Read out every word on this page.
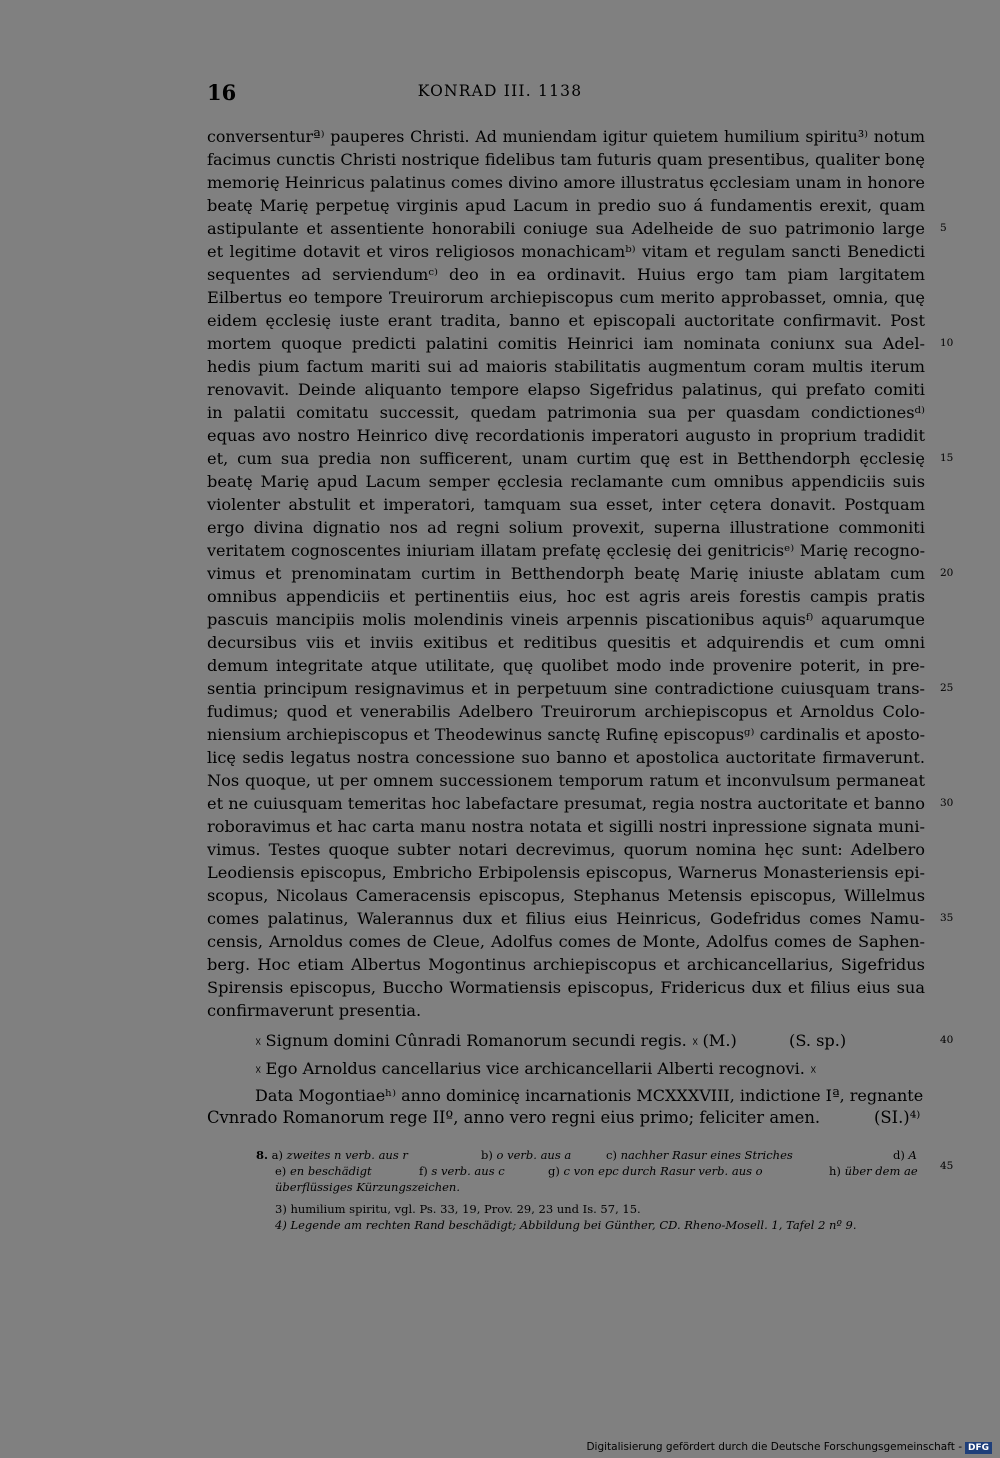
16	KONRAD III. 1138
conversenturª⁾ pauperes Christi. Ad muniendam igitur quietem humilium spiritu³⁾ notum
facimus cunctis Christi nostrique fidelibus tam futuris quam presentibus, qualiter bonę
memorię Heinricus palatinus comes divino amore illustratus ęcclesiam unam in honore
beatę Marię perpetuę virginis apud Lacum in predio suo á fundamentis erexit, quam
astipulante et assentiente honorabili coniuge sua Adelheide de suo patrimonio large
et legitime dotavit et viros religiosos monachicamᵇ⁾ vitam et regulam sancti Benedicti
sequentes ad serviendumᶜ⁾ deo in ea ordinavit. Huius ergo tam piam largitatem
Eilbertus eo tempore Treuirorum archiepiscopus cum merito approbasset, omnia, quę
eidem ęcclesię iuste erant tradita, banno et episcopali auctoritate confirmavit. Post
mortem quoque predicti palatini comitis Heinrici iam nominata coniunx sua Adel-
hedis pium factum mariti sui ad maioris stabilitatis augmentum coram multis iterum
renovavit. Deinde aliquanto tempore elapso Sigefridus palatinus, qui prefato comiti
in palatii comitatu successit, quedam patrimonia sua per quasdam condictionesᵈ⁾
equas avo nostro Heinrico divę recordationis imperatori augusto in proprium tradidit
et, cum sua predia non sufficerent, unam curtim quę est in Betthendorph ęcclesię
beatę Marię apud Lacum semper ęcclesia reclamante cum omnibus appendiciis suis
violenter abstulit et imperatori, tamquam sua esset, inter cętera donavit. Postquam
ergo divina dignatio nos ad regni solium provexit, superna illustratione commoniti
veritatem cognoscentes iniuriam illatam prefatę ęcclesię dei genitricisᵉ⁾ Marię recogno-
vimus et prenominatam curtim in Betthendorph beatę Marię iniuste ablatam cum
omnibus appendiciis et pertinentiis eius, hoc est agris areis forestis campis pratis
pascuis mancipiis molis molendinis vineis arpennis piscationibus aquisᶠ⁾ aquarumque
decursibus viis et inviis exitibus et reditibus quesitis et adquirendis et cum omni
demum integritate atque utilitate, quę quolibet modo inde provenire poterit, in pre-
sentia principum resignavimus et in perpetuum sine contradictione cuiusquam trans-
fudimus; quod et venerabilis Adelbero Treuirorum archiepiscopus et Arnoldus Colo-
niensium archiepiscopus et Theodewinus sanctę Rufinę episcopusᵍ⁾ cardinalis et aposto-
licę sedis legatus nostra concessione suo banno et apostolica auctoritate firmaverunt.
Nos quoque, ut per omnem successionem temporum ratum et inconvulsum permaneat
et ne cuiusquam temeritas hoc labefactare presumat, regia nostra auctoritate et banno
roboravimus et hac carta manu nostra notata et sigilli nostri inpressione signata muni-
vimus. Testes quoque subter notari decrevimus, quorum nomina hęc sunt: Adelbero
Leodiensis episcopus, Embricho Erbipolensis episcopus, Warnerus Monasteriensis epi-
scopus, Nicolaus Cameracensis episcopus, Stephanus Metensis episcopus, Willelmus
comes palatinus, Walerannus dux et filius eius Heinricus, Godefridus comes Namu-
censis, Arnoldus comes de Cleue, Adolfus comes de Monte, Adolfus comes de Saphen-
berg. Hoc etiam Albertus Mogontinus archiepiscopus et archicancellarius, Sigefridus
Spirensis episcopus, Buccho Wormatiensis episcopus, Fridericus dux et filius eius sua
confirmaverunt presentia.
5
10
15
20
25
30
35
40
45
☓ Signum domini Cûnradi Romanorum secundi regis. ☓ (M.)	(S. sp.)
☓ Ego Arnoldus cancellarius vice archicancellarii Alberti recognovi. ☓
Data Mogontiaeʰ⁾ anno dominicę incarnationis MCXXXVIII, indictione Iª, regnante
Cvnrado Romanorum rege IIº, anno vero regni eius primo; feliciter amen.	(SI.)⁴⁾
8. a) zweites n verb. aus r	b) o verb. aus a	c) nachher Rasur eines Striches	d) A
e) en beschädigt	f) s verb. aus c	g) c von epc durch Rasur verb. aus o	h) über dem ae
überflüssiges Kürzungszeichen.
3) humilium spiritu, vgl. Ps. 33, 19, Prov. 29, 23 und Is. 57, 15.
4) Legende am rechten Rand beschädigt; Abbildung bei Günther, CD. Rheno-Mosell. 1, Tafel 2 nº 9.
Digitalisierung gefördert durch die Deutsche Forschungsgemeinschaft - DFG
